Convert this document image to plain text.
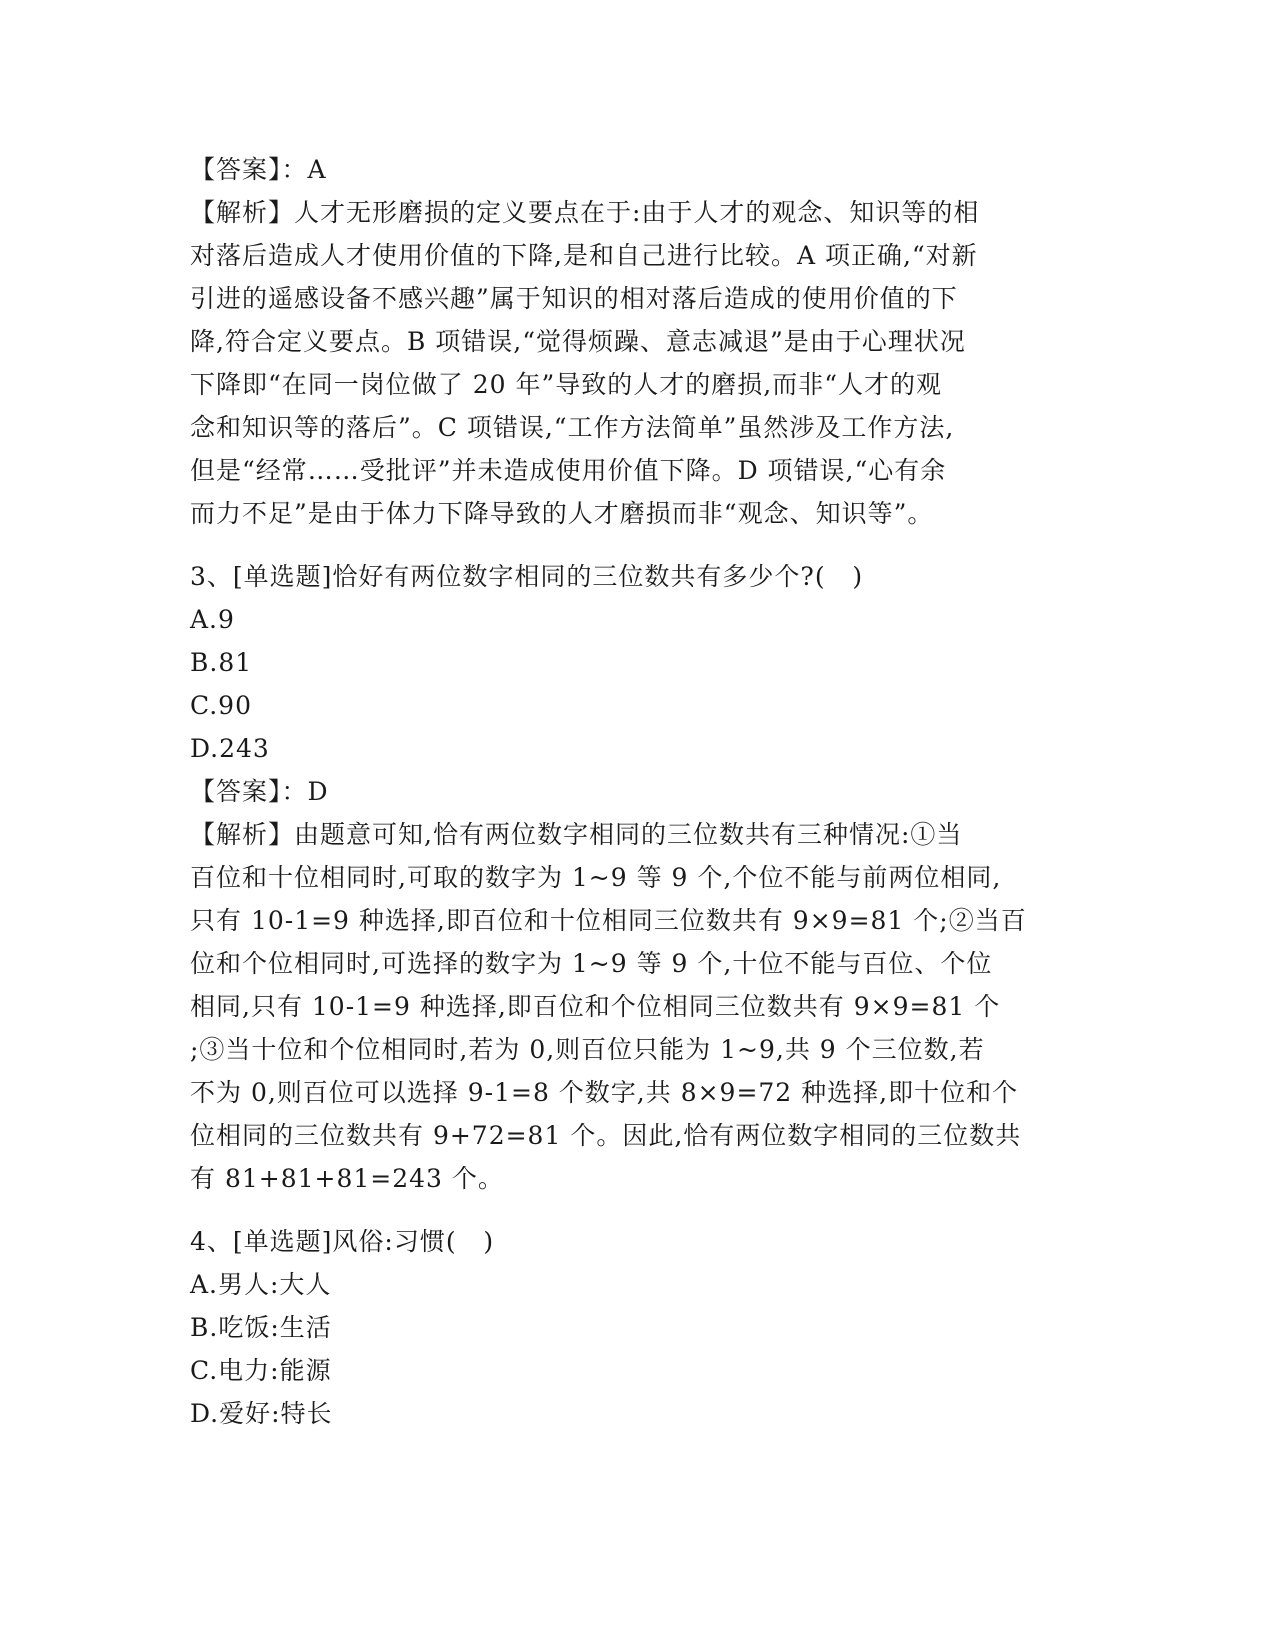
【答案】：A
【解析】人才无形磨损的定义要点在于:由于人才的观念、知识等的相
对落后造成人才使用价值的下降,是和自己进行比较。A 项正确,“对新
引进的遥感设备不感兴趣”属于知识的相对落后造成的使用价值的下
降,符合定义要点。B 项错误,“觉得烦躁、意志减退”是由于心理状况
下降即“在同一岗位做了 20 年”导致的人才的磨损,而非“人才的观
念和知识等的落后”。C 项错误,“工作方法简单”虽然涉及工作方法,
但是“经常……受批评”并未造成使用价值下降。D 项错误,“心有余
而力不足”是由于体力下降导致的人才磨损而非“观念、知识等”。
3、[单选题]恰好有两位数字相同的三位数共有多少个?(   )
A.9
B.81
C.90
D.243
【答案】：D
【解析】由题意可知,恰有两位数字相同的三位数共有三种情况:①当
百位和十位相同时,可取的数字为 1~9 等 9 个,个位不能与前两位相同,
只有 10-1=9 种选择,即百位和十位相同三位数共有 9×9=81 个;②当百
位和个位相同时,可选择的数字为 1~9 等 9 个,十位不能与百位、个位
相同,只有 10-1=9 种选择,即百位和个位相同三位数共有 9×9=81 个
;③当十位和个位相同时,若为 0,则百位只能为 1~9,共 9 个三位数,若
不为 0,则百位可以选择 9-1=8 个数字,共 8×9=72 种选择,即十位和个
位相同的三位数共有 9+72=81 个。因此,恰有两位数字相同的三位数共
有 81+81+81=243 个。
4、[单选题]风俗:习惯(   )
A.男人:大人
B.吃饭:生活
C.电力:能源
D.爱好:特长
